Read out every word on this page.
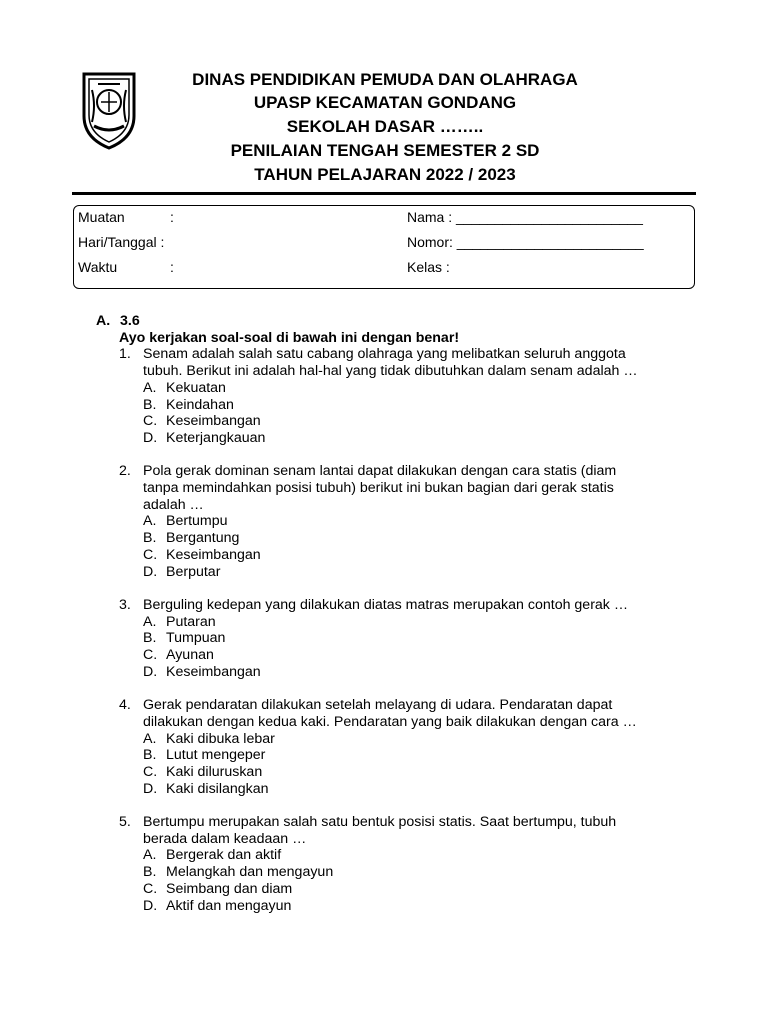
DINAS PENDIDIKAN PEMUDA DAN OLAHRAGA
UPASP KECAMATAN GONDANG
SEKOLAH DASAR ……..
PENILAIAN TENGAH SEMESTER 2 SD
TAHUN PELAJARAN 2022 / 2023
Muatan	:
Hari/Tanggal :
Waktu	:
Nama : ________________________
Nomor: ________________________
Kelas :
A. 3.6
Ayo kerjakan soal-soal di bawah ini dengan benar!
1. Senam adalah salah satu cabang olahraga yang melibatkan seluruh anggota
tubuh. Berikut ini adalah hal-hal yang tidak dibutuhkan dalam senam adalah …
A. Kekuatan
B. Keindahan
C. Keseimbangan
D. Keterjangkauan
2. Pola gerak dominan senam lantai dapat dilakukan dengan cara statis (diam
tanpa memindahkan posisi tubuh) berikut ini bukan bagian dari gerak statis
adalah …
A. Bertumpu
B. Bergantung
C. Keseimbangan
D. Berputar
3. Berguling kedepan yang dilakukan diatas matras merupakan contoh gerak …
A. Putaran
B. Tumpuan
C. Ayunan
D. Keseimbangan
4. Gerak pendaratan dilakukan setelah melayang di udara. Pendaratan dapat
dilakukan dengan kedua kaki. Pendaratan yang baik dilakukan dengan cara …
A. Kaki dibuka lebar
B. Lutut mengeper
C. Kaki diluruskan
D. Kaki disilangkan
5. Bertumpu merupakan salah satu bentuk posisi statis. Saat bertumpu, tubuh
berada dalam keadaan …
A. Bergerak dan aktif
B. Melangkah dan mengayun
C. Seimbang dan diam
D. Aktif dan mengayun
